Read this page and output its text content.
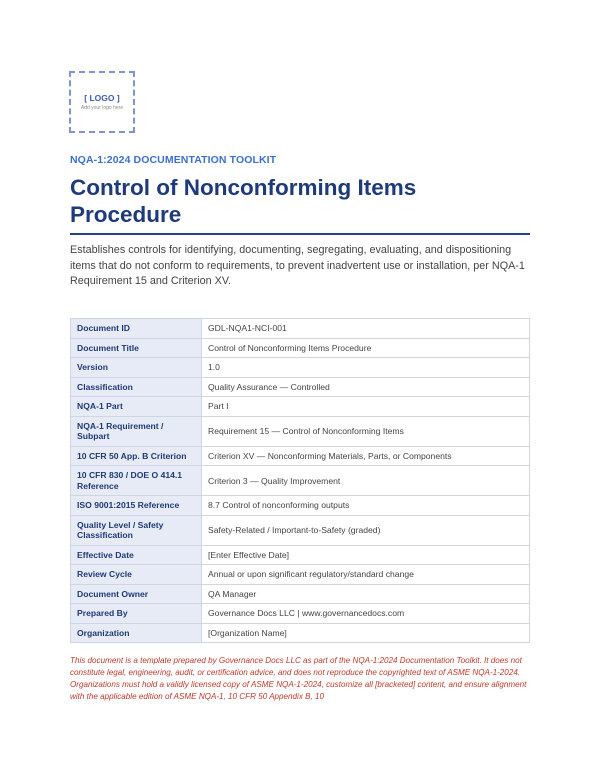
[ LOGO ]
Add your logo here
NQA-1:2024 DOCUMENTATION TOOLKIT
Control of Nonconforming Items Procedure

Establishes controls for identifying, documenting, segregating, evaluating, and dispositioning items that do not conform to requirements, to prevent inadvertent use or installation, per NQA-1 Requirement 15 and Criterion XV.

Document ID	GDL-NQA1-NCI-001
Document Title	Control of Nonconforming Items Procedure
Version	1.0
Classification	Quality Assurance — Controlled
NQA-1 Part	Part I
NQA-1 Requirement / Subpart	Requirement 15 — Control of Nonconforming Items
10 CFR 50 App. B Criterion	Criterion XV — Nonconforming Materials, Parts, or Components
10 CFR 830 / DOE O 414.1 Reference	Criterion 3 — Quality Improvement
ISO 9001:2015 Reference	8.7 Control of nonconforming outputs
Quality Level / Safety Classification	Safety-Related / Important-to-Safety (graded)
Effective Date	[Enter Effective Date]
Review Cycle	Annual or upon significant regulatory/standard change
Document Owner	QA Manager
Prepared By	Governance Docs LLC | www.governancedocs.com
Organization	[Organization Name]

This document is a template prepared by Governance Docs LLC as part of the NQA-1:2024 Documentation Toolkit. It does not constitute legal, engineering, audit, or certification advice, and does not reproduce the copyrighted text of ASME NQA-1-2024. Organizations must hold a validly licensed copy of ASME NQA-1-2024, customize all [bracketed] content, and ensure alignment with the applicable edition of ASME NQA-1, 10 CFR 50 Appendix B, 10
